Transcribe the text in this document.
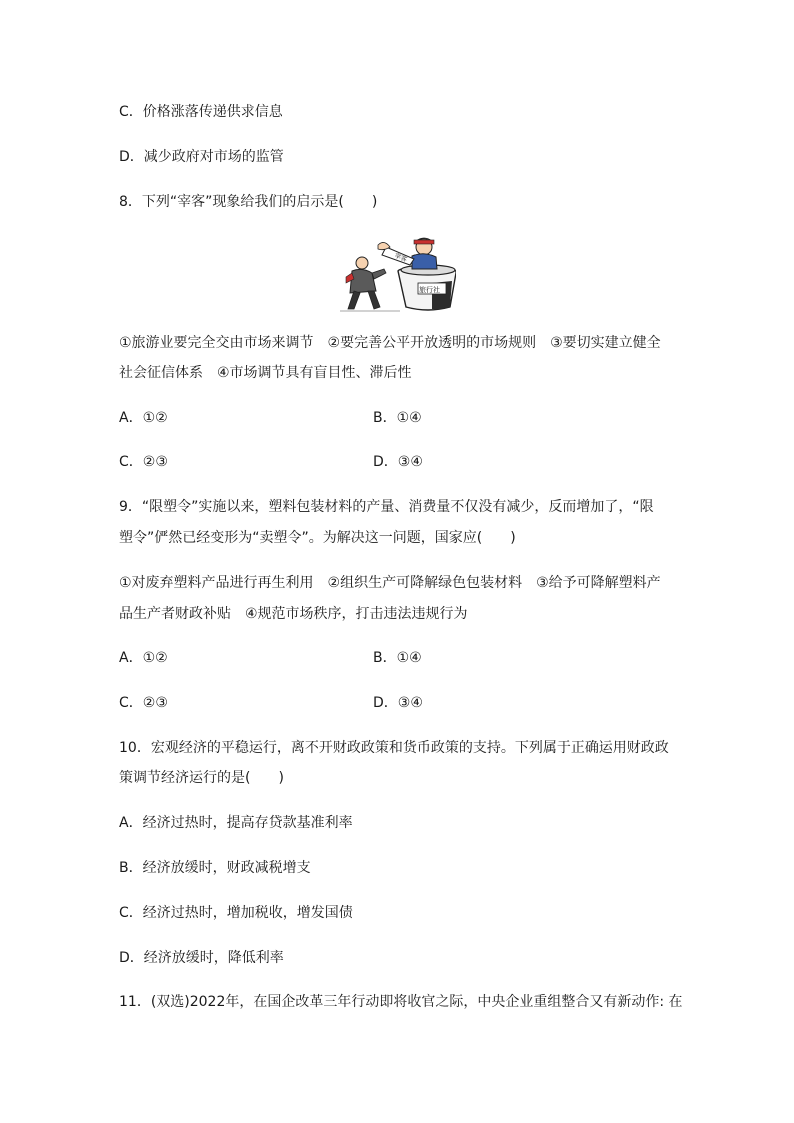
C．价格涨落传递供求信息
D．减少政府对市场的监管
8．下列“宰客”现象给我们的启示是(　　)
宰客
旅行社
①旅游业要完全交由市场来调节　②要完善公平开放透明的市场规则　③要切实建立健全
社会征信体系　④市场调节具有盲目性、滞后性
A．①②	B．①④
C．②③	D．③④
9．“限塑令”实施以来，塑料包装材料的产量、消费量不仅没有减少，反而增加了，“限
塑令”俨然已经变形为“卖塑令”。为解决这一问题，国家应(　　)
①对废弃塑料产品进行再生利用　②组织生产可降解绿色包装材料　③给予可降解塑料产
品生产者财政补贴　④规范市场秩序，打击违法违规行为
A．①②	B．①④
C．②③	D．③④
10．宏观经济的平稳运行，离不开财政政策和货币政策的支持。下列属于正确运用财政政
策调节经济运行的是(　　)
A．经济过热时，提高存贷款基准利率
B．经济放缓时，财政减税增支
C．经济过热时，增加税收，增发国债
D．经济放缓时，降低利率
11．(双选)2022年，在国企改革三年行动即将收官之际，中央企业重组整合又有新动作: 在
